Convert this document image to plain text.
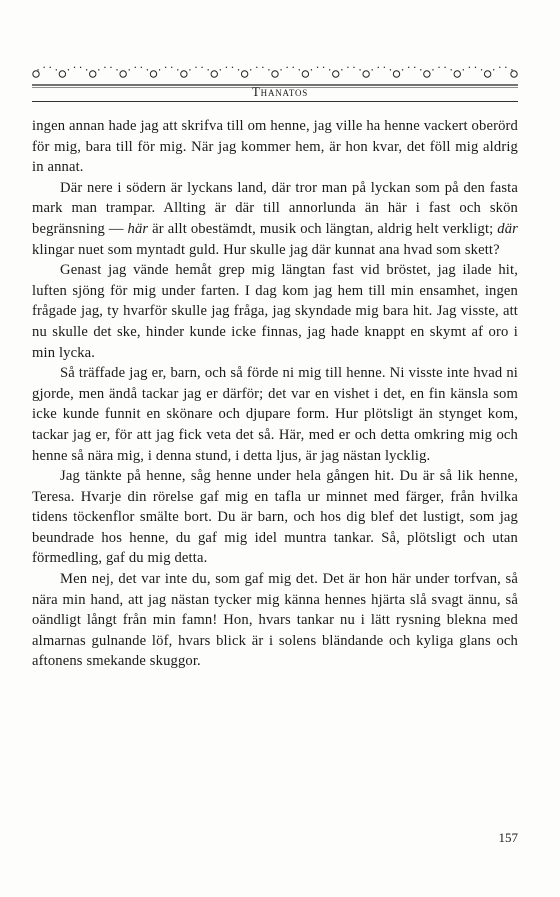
Thanatos

ingen annan hade jag att skrifva till om henne, jag ville ha henne vackert oberörd för mig, bara till för mig. När jag kommer hem, är hon kvar, det föll mig aldrig in annat.

Där nere i södern är lyckans land, där tror man på lyckan som på den fasta mark man trampar. Allting är där till annorlunda än här i fast och skön begränsning — här är allt obestämdt, musik och längtan, aldrig helt verkligt; där klingar nuet som myntadt guld. Hur skulle jag där kunnat ana hvad som skett?

Genast jag vände hemåt grep mig längtan fast vid bröstet, jag ilade hit, luften sjöng för mig under farten. I dag kom jag hem till min ensamhet, ingen frågade jag, ty hvarför skulle jag fråga, jag skyndade mig bara hit. Jag visste, att nu skulle det ske, hinder kunde icke finnas, jag hade knappt en skymt af oro i min lycka.

Så träffade jag er, barn, och så förde ni mig till henne. Ni visste inte hvad ni gjorde, men ändå tackar jag er därför; det var en vishet i det, en fin känsla som icke kunde funnit en skönare och djupare form. Hur plötsligt än stynget kom, tackar jag er, för att jag fick veta det så. Här, med er och detta omkring mig och henne så nära mig, i denna stund, i detta ljus, är jag nästan lycklig.

Jag tänkte på henne, såg henne under hela gången hit. Du är så lik henne, Teresa. Hvarje din rörelse gaf mig en tafla ur minnet med färger, från hvilka tidens töckenflor smälte bort. Du är barn, och hos dig blef det lustigt, som jag beundrade hos henne, du gaf mig idel muntra tankar. Så, plötsligt och utan förmedling, gaf du mig detta.

Men nej, det var inte du, som gaf mig det. Det är hon här under torfvan, så nära min hand, att jag nästan tycker mig känna hennes hjärta slå svagt ännu, så oändligt långt från min famn! Hon, hvars tankar nu i lätt rysning blekna med almarnas gulnande löf, hvars blick är i solens bländande och kyliga glans och aftonens smekande skuggor.

157
